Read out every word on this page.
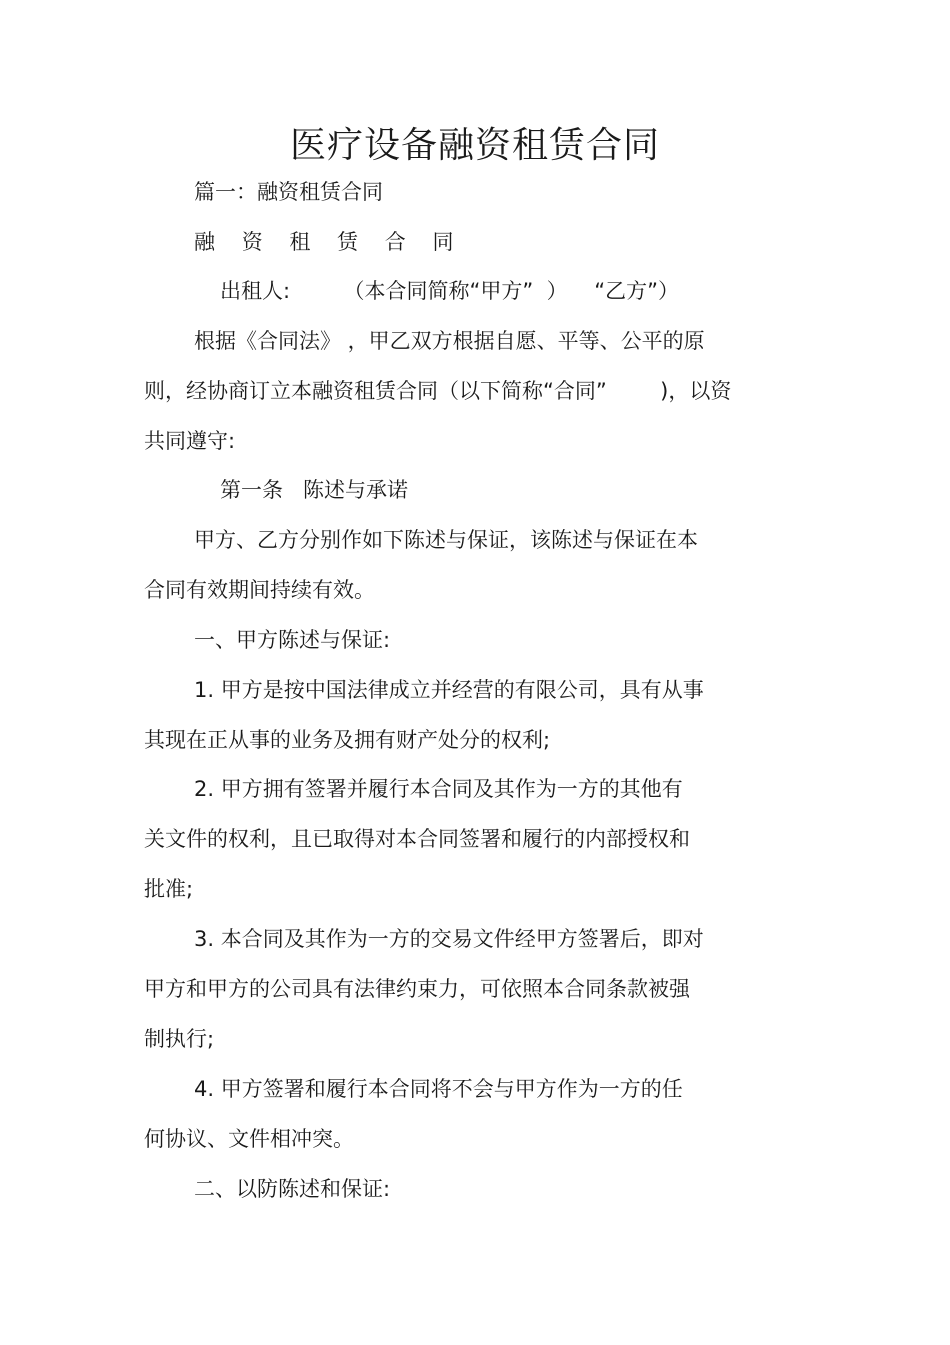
医疗设备融资租赁合同
篇一：融资租赁合同
融    资    租    赁    合    同
出租人:        （本合同简称“甲方”  ）    “乙方”）
根据《合同法》 ，甲乙双方根据自愿、平等、公平的原
则，经协商订立本融资租赁合同（以下简称“合同”        )，以资
共同遵守:
第一条   陈述与承诺
甲方、乙方分别作如下陈述与保证，该陈述与保证在本
合同有效期间持续有效。
一、甲方陈述与保证:
1. 甲方是按中国法律成立并经营的有限公司，具有从事
其现在正从事的业务及拥有财产处分的权利;
2. 甲方拥有签署并履行本合同及其作为一方的其他有
关文件的权利，且已取得对本合同签署和履行的内部授权和
批准;
3. 本合同及其作为一方的交易文件经甲方签署后，即对
甲方和甲方的公司具有法律约束力，可依照本合同条款被强
制执行;
4. 甲方签署和履行本合同将不会与甲方作为一方的任
何协议、文件相冲突。
二、以防陈述和保证:
